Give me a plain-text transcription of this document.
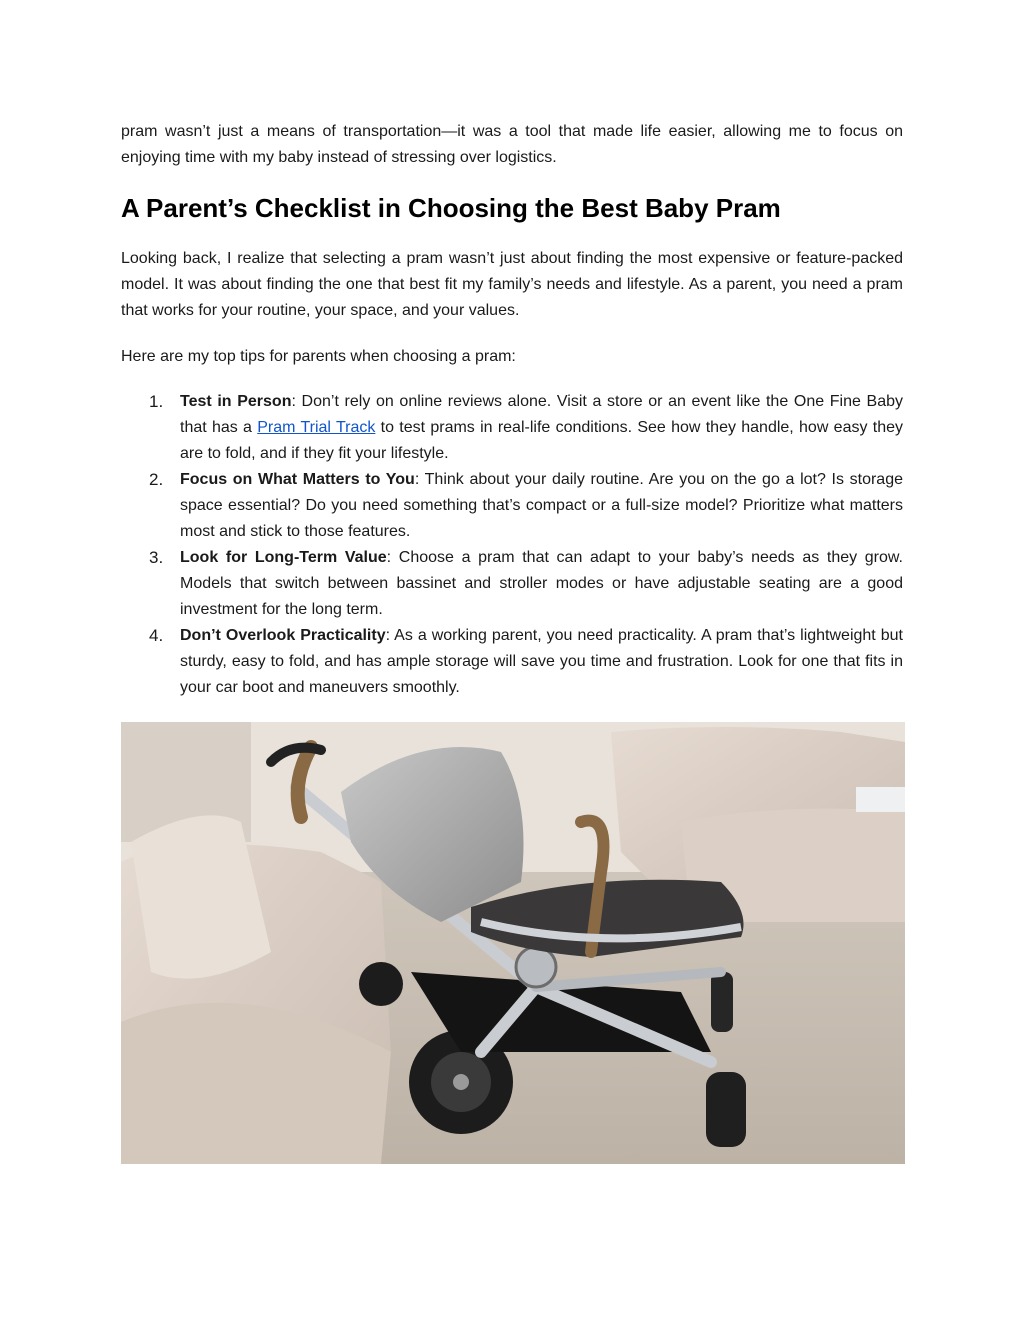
pram wasn’t just a means of transportation—it was a tool that made life easier, allowing me to focus on enjoying time with my baby instead of stressing over logistics.

A Parent’s Checklist in Choosing the Best Baby Pram

Looking back, I realize that selecting a pram wasn’t just about finding the most expensive or feature-packed model. It was about finding the one that best fit my family’s needs and lifestyle. As a parent, you need a pram that works for your routine, your space, and your values.

Here are my top tips for parents when choosing a pram:

1. Test in Person: Don’t rely on online reviews alone. Visit a store or an event like the One Fine Baby that has a Pram Trial Track to test prams in real-life conditions. See how they handle, how easy they are to fold, and if they fit your lifestyle.
2. Focus on What Matters to You: Think about your daily routine. Are you on the go a lot? Is storage space essential? Do you need something that’s compact or a full-size model? Prioritize what matters most and stick to those features.
3. Look for Long-Term Value: Choose a pram that can adapt to your baby’s needs as they grow. Models that switch between bassinet and stroller modes or have adjustable seating are a good investment for the long term.
4. Don’t Overlook Practicality: As a working parent, you need practicality. A pram that’s lightweight but sturdy, easy to fold, and has ample storage will save you time and frustration. Look for one that fits in your car boot and maneuvers smoothly.
